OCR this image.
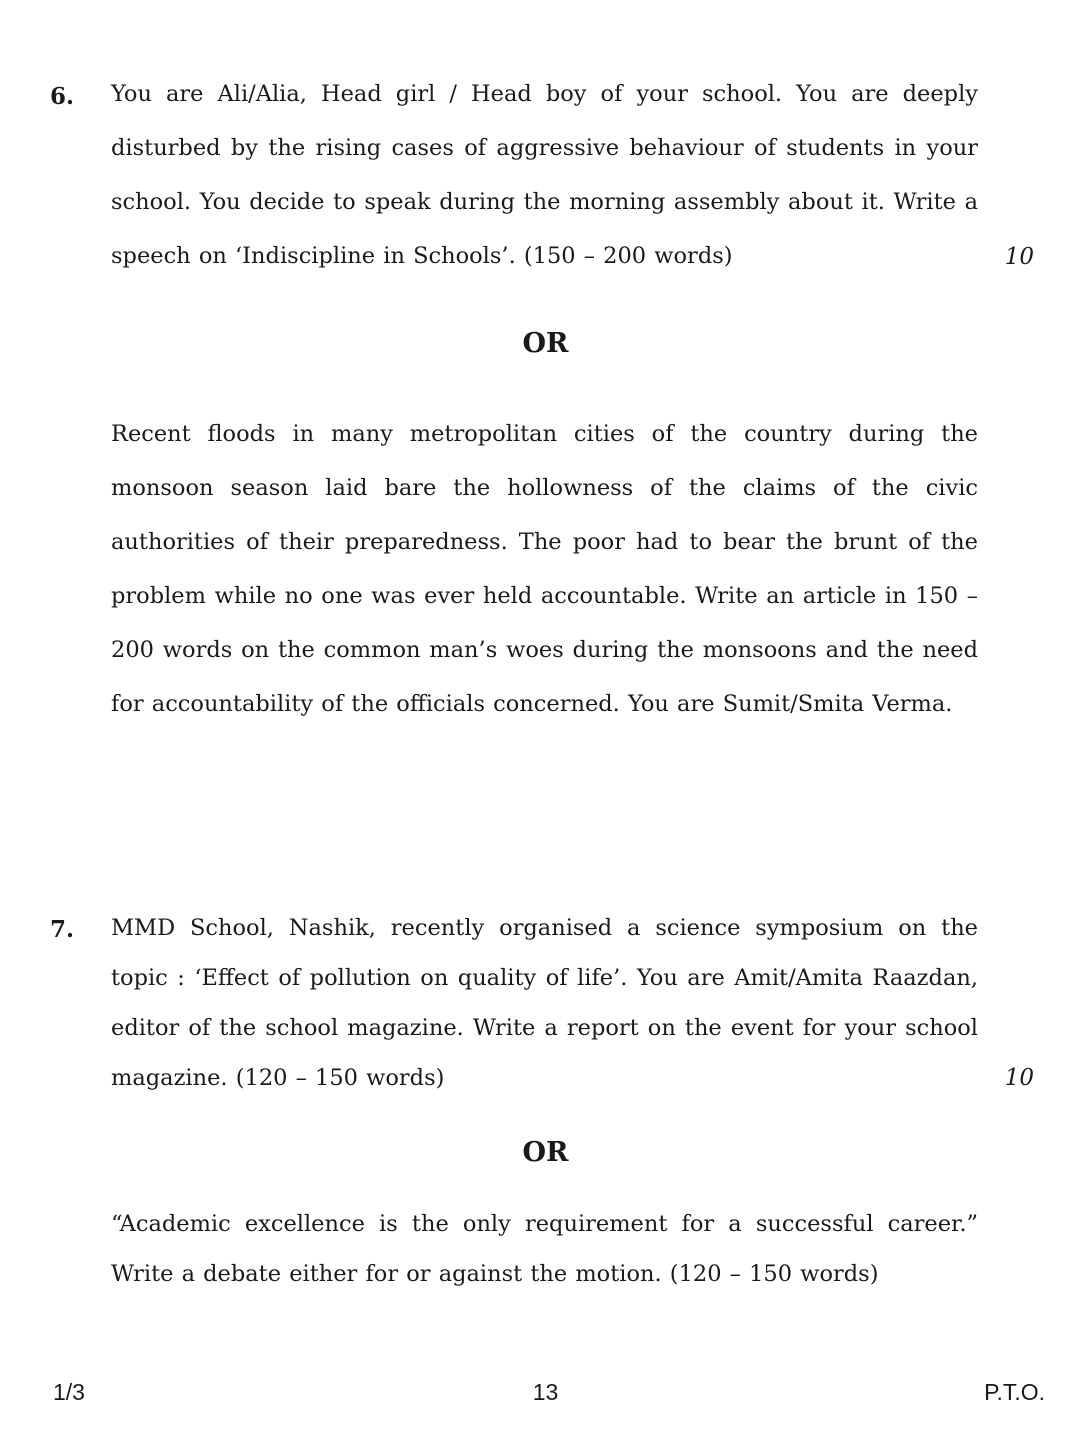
6. You are Ali/Alia, Head girl / Head boy of your school. You are deeply disturbed by the rising cases of aggressive behaviour of students in your school. You decide to speak during the morning assembly about it. Write a speech on ‘Indiscipline in Schools’. (150 – 200 words)	10
OR
Recent floods in many metropolitan cities of the country during the monsoon season laid bare the hollowness of the claims of the civic authorities of their preparedness. The poor had to bear the brunt of the problem while no one was ever held accountable. Write an article in 150 – 200 words on the common man’s woes during the monsoons and the need for accountability of the officials concerned. You are Sumit/Smita Verma.
7. MMD School, Nashik, recently organised a science symposium on the topic : ‘Effect of pollution on quality of life’. You are Amit/Amita Raazdan, editor of the school magazine. Write a report on the event for your school magazine. (120 – 150 words)	10
OR
“Academic excellence is the only requirement for a successful career.” Write a debate either for or against the motion. (120 – 150 words)
1/3	13	P.T.O.
